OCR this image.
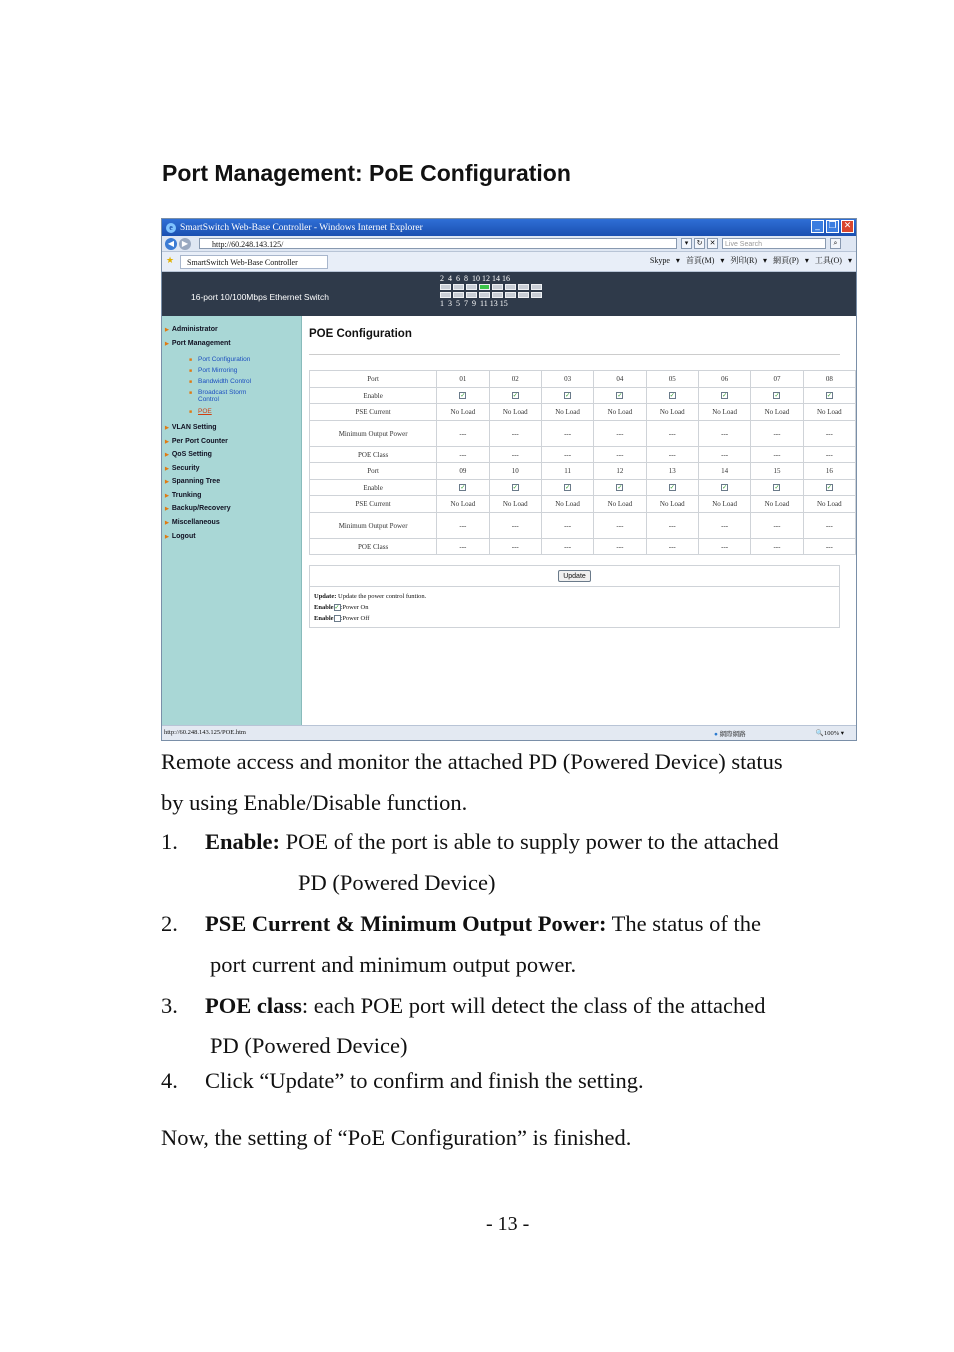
Port Management: PoE Configuration
e SmartSwitch Web-Base Controller - Windows Internet Explorer	_ ❐ ✕
◀ ▶	http://60.248.143.125/	▾	↻	✕	Live Search	⌕
★	SmartSwitch Web-Base Controller	Skype ▾ 首頁(M) ▾ 列印(R) ▾ 網頁(P) ▾ 工具(O) ▾
16-port 10/100Mbps Ethernet Switch
2  4  6  8  10 12 14 16
1  3  5  7  9  11 13 15
▶ Administrator
▶ Port Management
▶ VLAN Setting
▶ Per Port Counter
▶ QoS Setting
▶ Security
▶ Spanning Tree
▶ Trunking
▶ Backup/Recovery
▶ Miscellaneous
▶ Logout
■ Port Configuration
■ Port Mirroring
■ Bandwidth Control
■ Broadcast Storm Control
■ POE
POE Configuration
Port	01	02	03	04	05	06	07	08
Enable	✓	✓	✓	✓	✓	✓	✓	✓
PSE Current	No Load	No Load	No Load	No Load	No Load	No Load	No Load	No Load
Minimum Output Power	---	---	---	---	---	---	---	---
POE Class	---	---	---	---	---	---	---	---
Port	09	10	11	12	13	14	15	16
Enable	✓	✓	✓	✓	✓	✓	✓	✓
PSE Current	No Load	No Load	No Load	No Load	No Load	No Load	No Load	No Load
Minimum Output Power	---	---	---	---	---	---	---	---
POE Class	---	---	---	---	---	---	---	---
Update
Update: Update the power control funtion.
Enable✓:Power On
Enable :Power Off
http://60.248.143.125/POE.htm	● 網際網路	🔍100% ▾
Remote access and monitor the attached PD (Powered Device) status
by using Enable/Disable function.
1. Enable: POE of the port is able to supply power to the attached
PD (Powered Device)
2. PSE Current & Minimum Output Power: The status of the
port current and minimum output power.
3. POE class: each POE port will detect the class of the attached
PD (Powered Device)
4. Click “Update” to confirm and finish the setting.
Now, the setting of “PoE Configuration” is finished.
- 13 -
